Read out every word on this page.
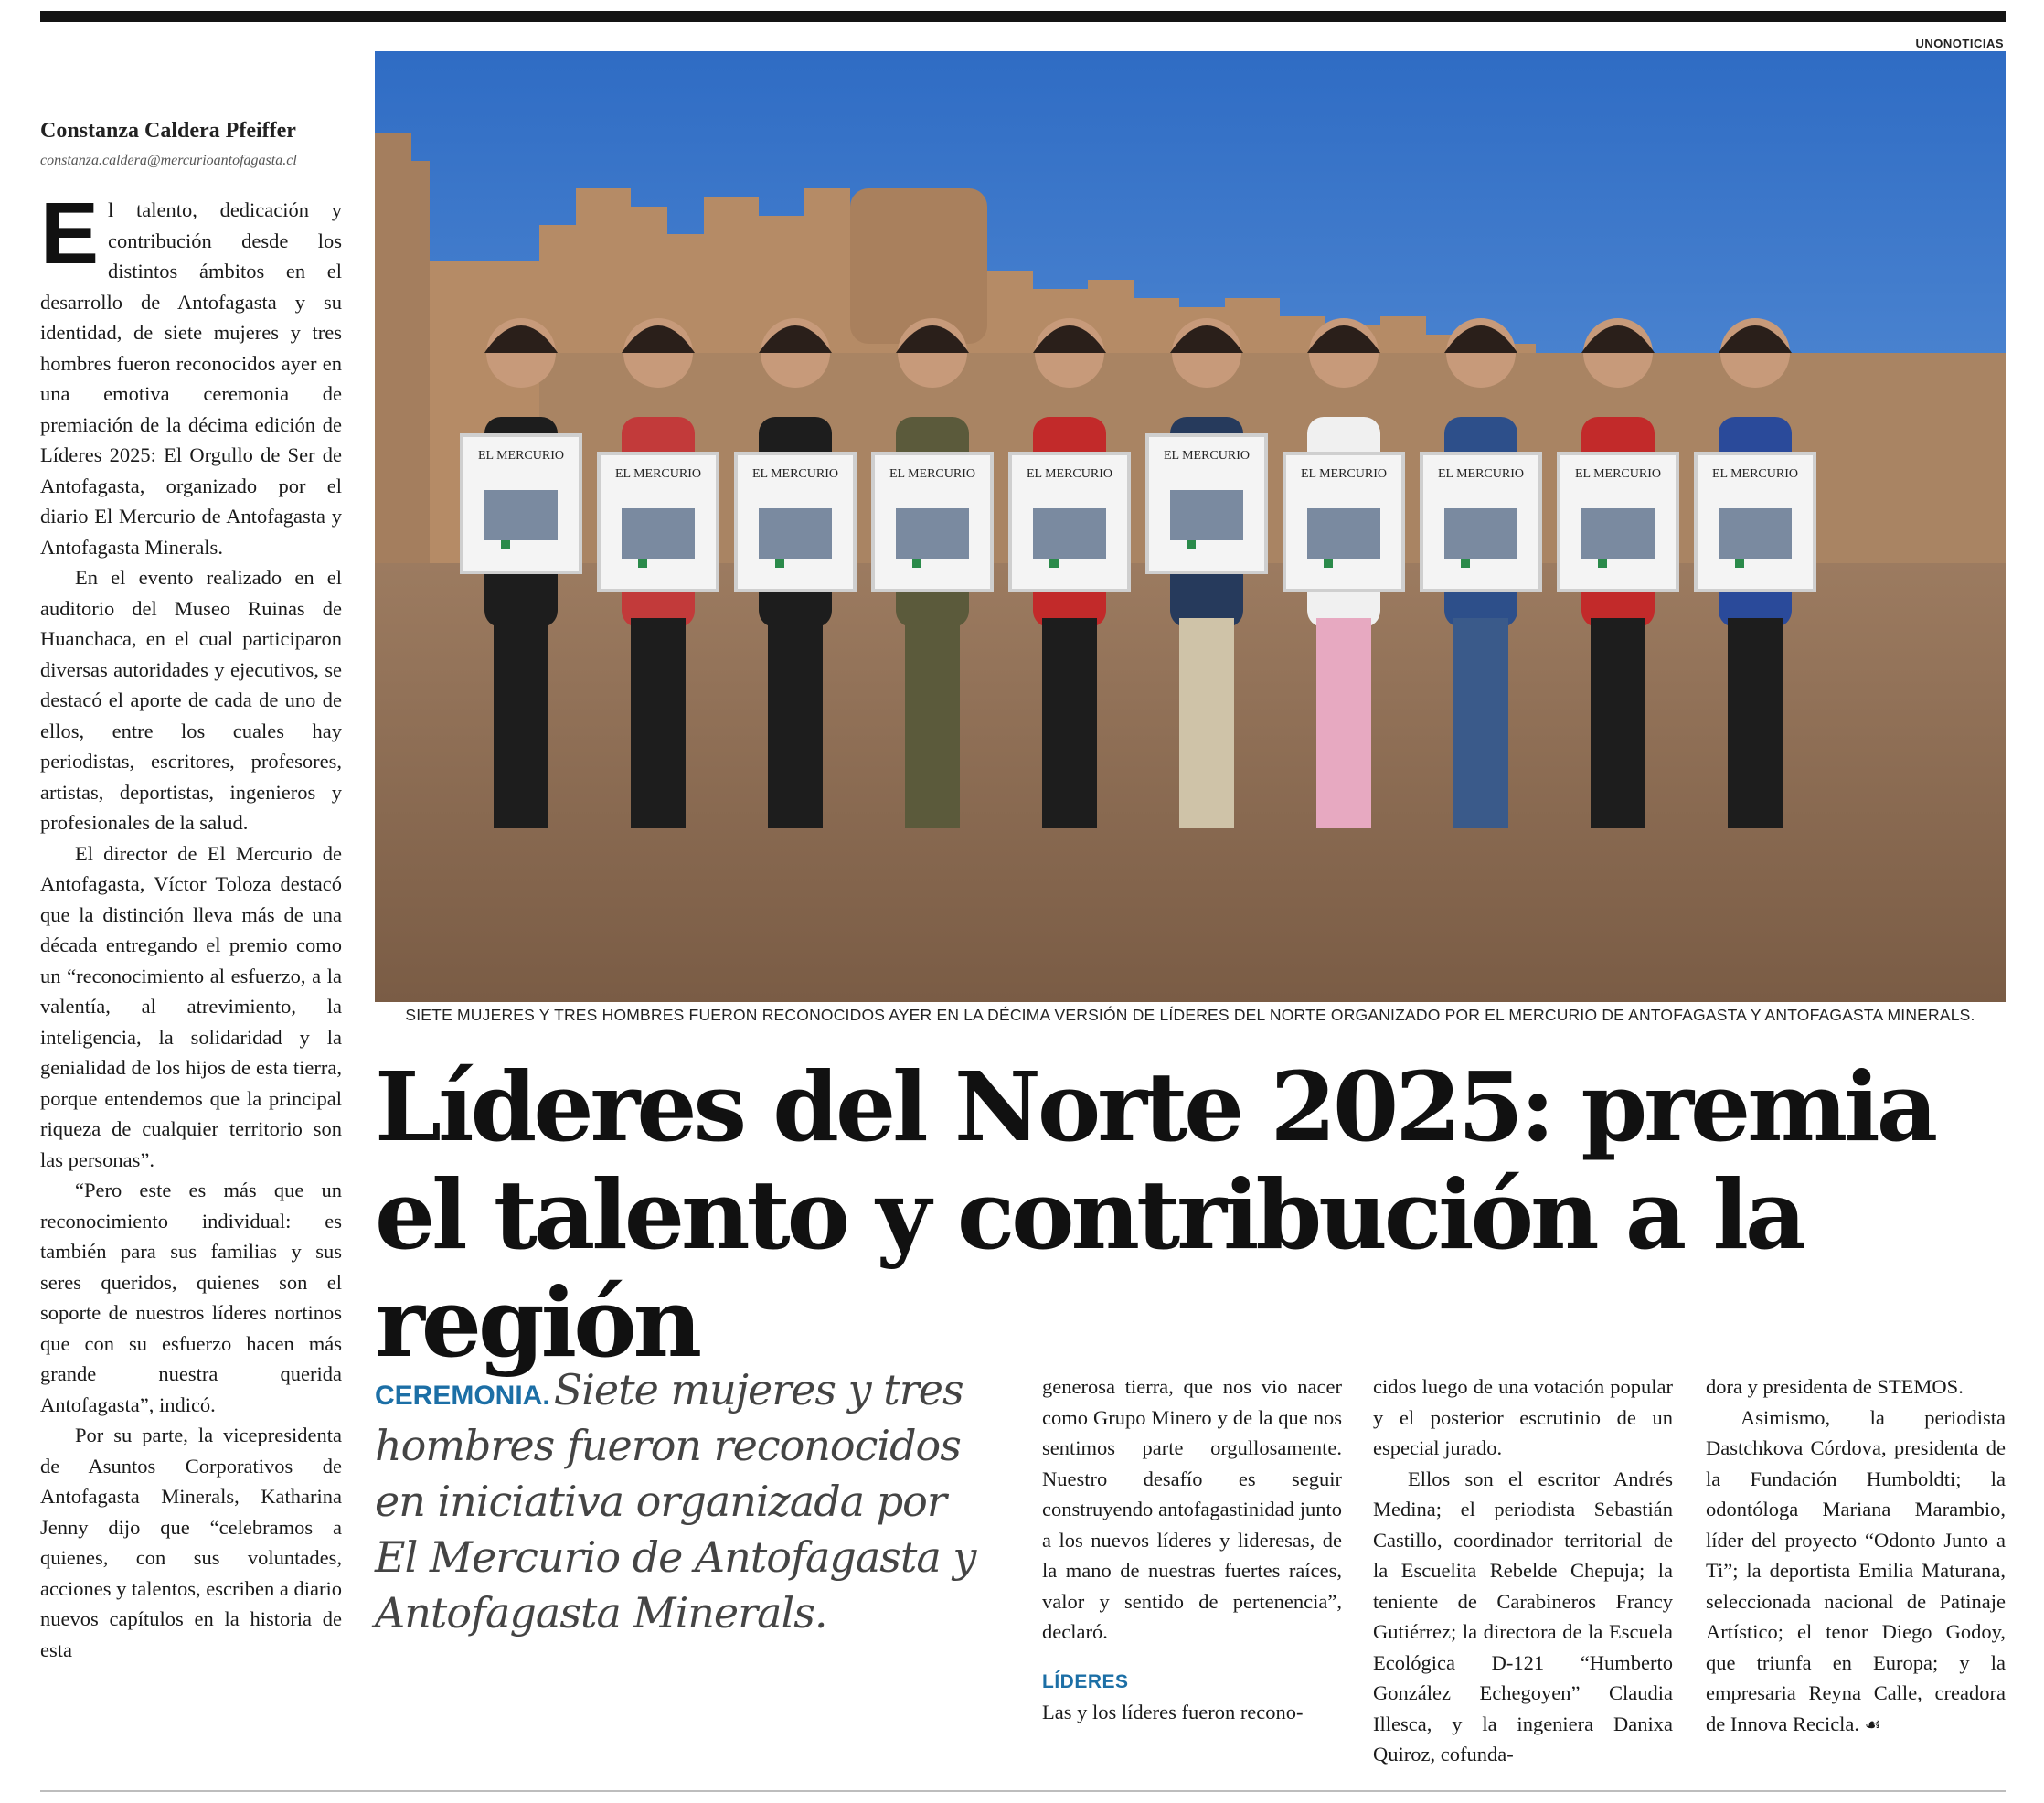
UNONOTICIAS

Constanza Caldera Pfeiffer

constanza.caldera@mercurioantofagasta.cl

El talento, dedicación y contribución desde los distintos ámbitos en el desarrollo de Antofagasta y su identidad, de siete mujeres y tres hombres fueron reconocidos ayer en una emotiva ceremonia de premiación de la décima edición de Líderes 2025: El Orgullo de Ser de Antofagasta, organizado por el diario El Mercurio de Antofagasta y Antofagasta Minerals.

En el evento realizado en el auditorio del Museo Ruinas de Huanchaca, en el cual participaron diversas autoridades y ejecutivos, se destacó el aporte de cada de uno de ellos, entre los cuales hay periodistas, escritores, profesores, artistas, deportistas, ingenieros y profesionales de la salud.

El director de El Mercurio de Antofagasta, Víctor Toloza destacó que la distinción lleva más de una década entregando el premio como un “reconocimiento al esfuerzo, a la valentía, al atrevimiento, la inteligencia, la solidaridad y la genialidad de los hijos de esta tierra, porque entendemos que la principal riqueza de cualquier territorio son las personas”.

“Pero este es más que un reconocimiento individual: es también para sus familias y sus seres queridos, quienes son el soporte de nuestros líderes nortinos que con su esfuerzo hacen más grande nuestra querida Antofagasta”, indicó.

Por su parte, la vicepresidenta de Asuntos Corporativos de Antofagasta Minerals, Katharina Jenny dijo que “celebramos a quienes, con sus voluntades, acciones y talentos, escriben a diario nuevos capítulos en la historia de esta

EL MERCURIO
EL MERCURIO	EL MERCURIO	EL MERCURIO	EL MERCURIO
EL MERCURIO
EL MERCURIO	EL MERCURIO	EL MERCURIO	EL MERCURIO
SIETE MUJERES Y TRES HOMBRES FUERON RECONOCIDOS AYER EN LA DÉCIMA VERSIÓN DE LÍDERES DEL NORTE ORGANIZADO POR EL MERCURIO DE ANTOFAGASTA Y ANTOFAGASTA MINERALS.
Líderes del Norte 2025: premia el talento y contribución a la región

CEREMONIA. Siete mujeres y tres hombres fueron reconocidos en iniciativa organizada por El Mercurio de Antofagasta y Antofagasta Minerals.

generosa tierra, que nos vio nacer como Grupo Minero y de la que nos sentimos parte orgullosamente. Nuestro desafío es seguir construyendo antofagastinidad junto a los nuevos líderes y lideresas, de la mano de nuestras fuertes raíces, valor y sentido de pertenencia”, declaró.

LÍDERES

Las y los líderes fueron recono-

cidos luego de una votación popular y el posterior escrutinio de un especial jurado.

Ellos son el escritor Andrés Medina; el periodista Sebastián Castillo, coordinador territorial de la Escuelita Rebelde Chepuja; la teniente de Carabineros Francy Gutiérrez; la directora de la Escuela Ecológica D-121 “Humberto González Echegoyen” Claudia Illesca, y la ingeniera Danixa Quiroz, cofunda-

dora y presidenta de STEMOS.

Asimismo, la periodista Dastchkova Córdova, presidenta de la Fundación Humboldti; la odontóloga Mariana Marambio, líder del proyecto “Odonto Junto a Ti”; la deportista Emilia Maturana, seleccionada nacional de Patinaje Artístico; el tenor Diego Godoy, que triunfa en Europa; y la empresaria Reyna Calle, creadora de Innova Recicla. ☙
